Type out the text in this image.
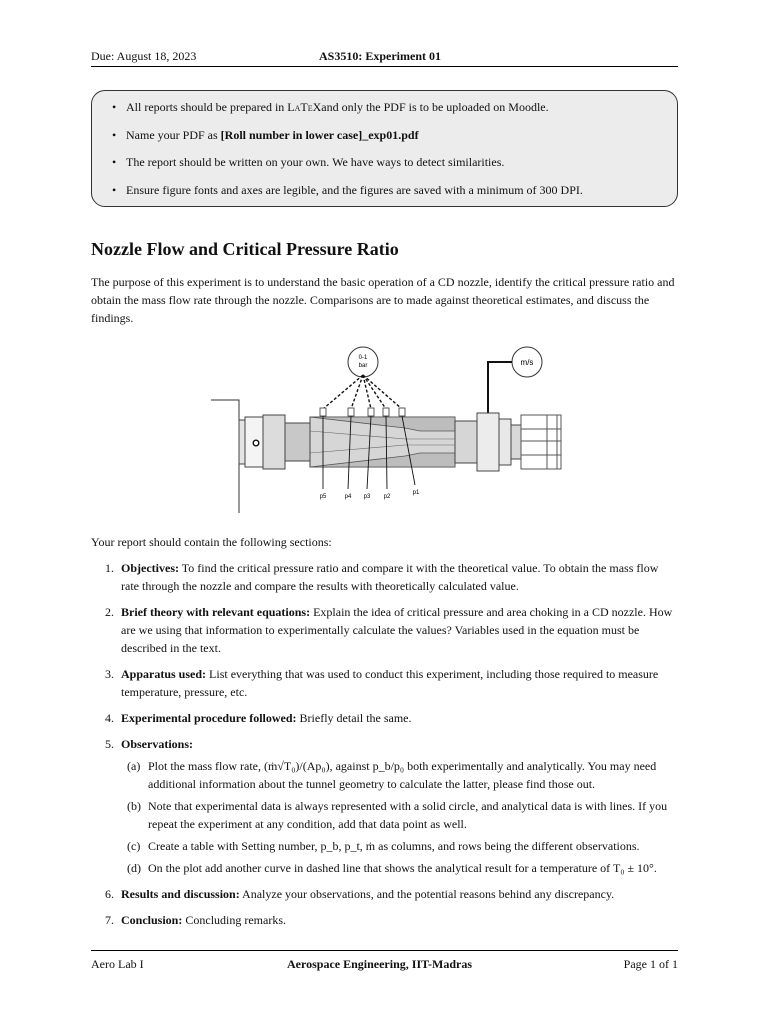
Due: August 18, 2023	AS3510: Experiment 01
• All reports should be prepared in LaTeXand only the PDF is to be uploaded on Moodle.
• Name your PDF as [Roll number in lower case]_exp01.pdf
• The report should be written on your own. We have ways to detect similarities.
• Ensure figure fonts and axes are legible, and the figures are saved with a minimum of 300 DPI.
Nozzle Flow and Critical Pressure Ratio

The purpose of this experiment is to understand the basic operation of a CD nozzle, identify the critical pressure ratio and obtain the mass flow rate through the nozzle. Comparisons are to made against theoretical estimates, and discuss the findings.

0-1
bar	m/s
p5	p4 p3 p2
p1
Your report should contain the following sections:
1. Objectives: To find the critical pressure ratio and compare it with the theoretical value. To obtain the mass flow rate through the nozzle and compare the results with theoretically calculated value.
2. Brief theory with relevant equations: Explain the idea of critical pressure and area choking in a CD nozzle. How are we using that information to experimentally calculate the values? Variables used in the equation must be described in the text.
3. Apparatus used: List everything that was used to conduct this experiment, including those required to measure temperature, pressure, etc.
4. Experimental procedure followed: Briefly detail the same.
5. Observations:
(a) Plot the mass flow rate, (ṁ√T₀)/(Ap₀), against p_b/p₀ both experimentally and analytically. You may need additional information about the tunnel geometry to calculate the latter, please find those out.
(b) Note that experimental data is always represented with a solid circle, and analytical data is with lines. If you repeat the experiment at any condition, add that data point as well.
(c) Create a table with Setting number, p_b, p_t, ṁ as columns, and rows being the different observations.
(d) On the plot add another curve in dashed line that shows the analytical result for a temperature of T₀ ± 10°.
6. Results and discussion: Analyze your observations, and the potential reasons behind any discrepancy.
7. Conclusion: Concluding remarks.
Aero Lab I	Aerospace Engineering, IIT-Madras	Page 1 of 1
